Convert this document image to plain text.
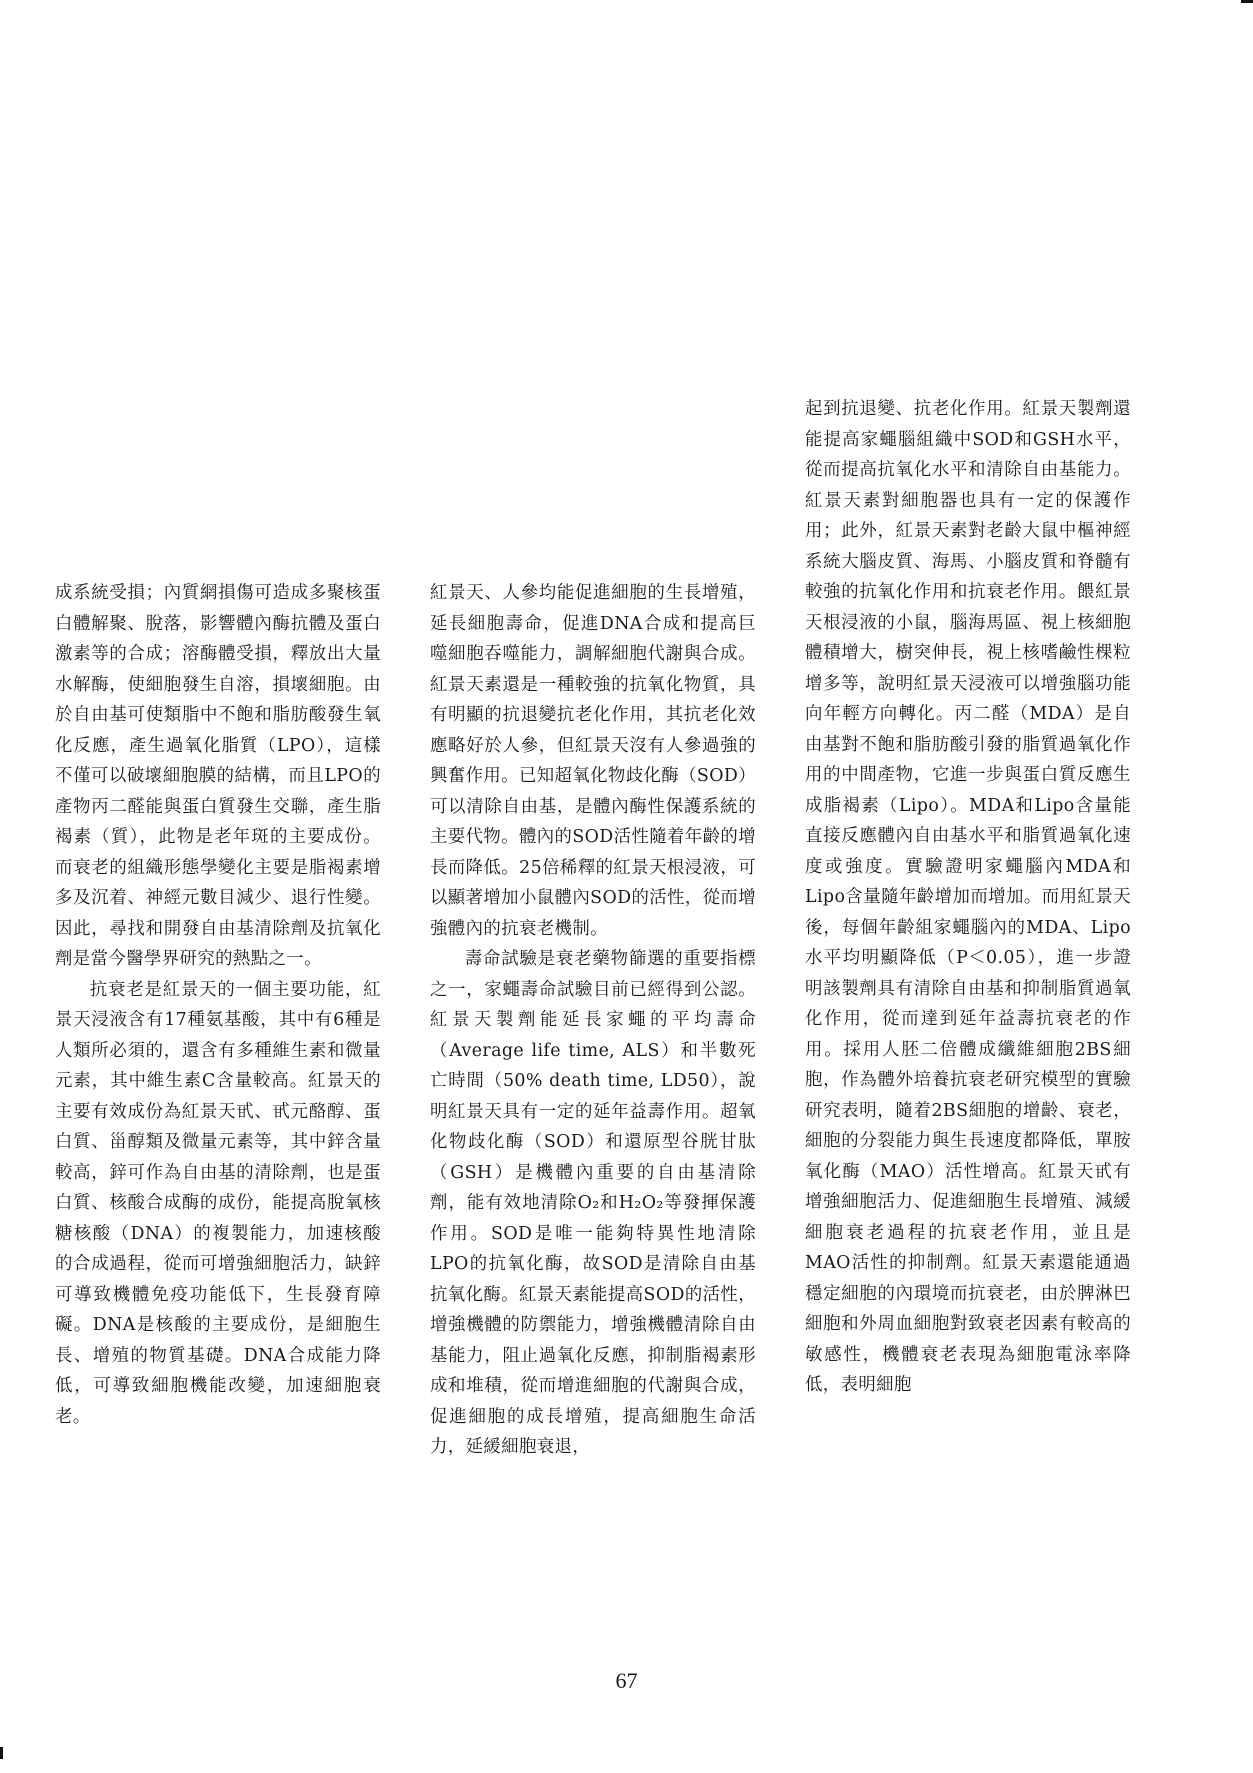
成系統受損；內質網損傷可造成多聚核蛋白體解聚、脫落，影響體內酶抗體及蛋白激素等的合成；溶酶體受損，釋放出大量水解酶，使細胞發生自溶，損壞細胞。由於自由基可使類脂中不飽和脂肪酸發生氧化反應，產生過氧化脂質（LPO），這樣不僅可以破壞細胞膜的結構，而且LPO的產物丙二醛能與蛋白質發生交聯，產生脂褐素（質），此物是老年斑的主要成份。而衰老的組織形態學變化主要是脂褐素增多及沉着、神經元數目減少、退行性變。因此，尋找和開發自由基清除劑及抗氧化劑是當今醫學界研究的熱點之一。

抗衰老是紅景天的一個主要功能，紅景天浸液含有17種氨基酸，其中有6種是人類所必須的，還含有多種維生素和微量元素，其中維生素C含量較高。紅景天的主要有效成份為紅景天甙、甙元酪醇、蛋白質、甾醇類及微量元素等，其中鋅含量較高，鋅可作為自由基的清除劑，也是蛋白質、核酸合成酶的成份，能提高脫氧核糖核酸（DNA）的複製能力，加速核酸的合成過程，從而可增強細胞活力，缺鋅可導致機體免疫功能低下，生長發育障礙。DNA是核酸的主要成份，是細胞生長、增殖的物質基礎。DNA合成能力降低，可導致細胞機能改變，加速細胞衰老。

紅景天、人參均能促進細胞的生長增殖，延長細胞壽命，促進DNA合成和提高巨噬細胞吞噬能力，調解細胞代謝與合成。紅景天素還是一種較強的抗氧化物質，具有明顯的抗退變抗老化作用，其抗老化效應略好於人參，但紅景天沒有人參過強的興奮作用。已知超氧化物歧化酶（SOD）可以清除自由基，是體內酶性保護系統的主要代物。體內的SOD活性隨着年齡的增長而降低。25倍稀釋的紅景天根浸液，可以顯著增加小鼠體內SOD的活性，從而增強體內的抗衰老機制。

壽命試驗是衰老藥物篩選的重要指標之一，家蠅壽命試驗目前已經得到公認。紅景天製劑能延長家蠅的平均壽命（Average life time, ALS）和半數死亡時間（50% death time, LD50），說明紅景天具有一定的延年益壽作用。超氧化物歧化酶（SOD）和還原型谷胱甘肽（GSH）是機體內重要的自由基清除劑，能有效地清除O₂和H₂O₂等發揮保護作用。SOD是唯一能夠特異性地清除LPO的抗氧化酶，故SOD是清除自由基抗氧化酶。紅景天素能提高SOD的活性，增強機體的防禦能力，增強機體清除自由基能力，阻止過氧化反應，抑制脂褐素形成和堆積，從而增進細胞的代謝與合成，促進細胞的成長增殖，提高細胞生命活力，延緩細胞衰退，

起到抗退變、抗老化作用。紅景天製劑還能提高家蠅腦組織中SOD和GSH水平，從而提高抗氧化水平和清除自由基能力。紅景天素對細胞器也具有一定的保護作用；此外，紅景天素對老齡大鼠中樞神經系統大腦皮質、海馬、小腦皮質和脊髓有較強的抗氧化作用和抗衰老作用。餵紅景天根浸液的小鼠，腦海馬區、視上核細胞體積增大，樹突伸長，視上核嗜鹼性棵粒增多等，說明紅景天浸液可以增強腦功能向年輕方向轉化。丙二醛（MDA）是自由基對不飽和脂肪酸引發的脂質過氧化作用的中間產物，它進一步與蛋白質反應生成脂褐素（Lipo）。MDA和Lipo含量能直接反應體內自由基水平和脂質過氧化速度或強度。實驗證明家蠅腦內MDA和Lipo含量隨年齡增加而增加。而用紅景天後，每個年齡組家蠅腦內的MDA、Lipo水平均明顯降低（P＜0.05），進一步證明該製劑具有清除自由基和抑制脂質過氧化作用，從而達到延年益壽抗衰老的作用。採用人胚二倍體成纖維細胞2BS細胞，作為體外培養抗衰老研究模型的實驗研究表明，隨着2BS細胞的增齡、衰老，細胞的分裂能力與生長速度都降低，單胺氧化酶（MAO）活性增高。紅景天甙有增強細胞活力、促進細胞生長增殖、減緩細胞衰老過程的抗衰老作用，並且是MAO活性的抑制劑。紅景天素還能通過穩定細胞的內環境而抗衰老，由於脾淋巴細胞和外周血細胞對致衰老因素有較高的敏感性，機體衰老表現為細胞電泳率降低，表明細胞

67
